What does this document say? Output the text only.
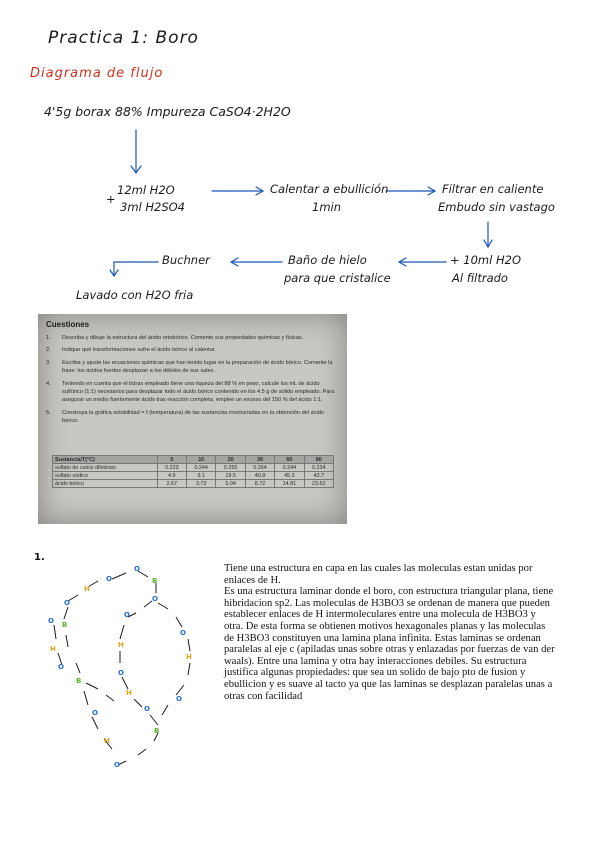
Practica 1: Boro
Diagrama de flujo
4'5g borax 88% Impureza CaSO4·2H2O
12ml H2O
+
3ml H2SO4
Calentar a ebullición
1min
Filtrar en caliente
Embudo sin vastago
+ 10ml H2O
Al filtrado
Baño de hielo
para que cristalice
Buchner
Lavado con H2O fria
Cuestiones
1.	Describa y dibuje la estructura del ácido ortobórico. Comente sus propiedades químicas y físicas.
2.	Indique qué transformaciones sufre el ácido bórico al calentar.
3.	Escriba y ajuste las ecuaciones químicas que han tenido lugar en la preparación de ácido bórico. Comente la frase: los ácidos fuertes desplazan a los débiles de sus sales.
4.	Teniendo en cuenta que el bórax empleado tiene una riqueza del 88 % en peso, calcule los mL de ácido sulfúrico (1:1) necesarios para desplazar todo el ácido bórico contenido en los 4.5 g de sólido empleado. Para asegurar un medio fuertemente ácido tras reacción completa, emplee un exceso del 150 % del ácido 1:1.
5.	Construya la gráfica solubilidad = f (temperatura) de las sustancias involucradas en la obtención del ácido bórico.
Sustancia/T(°C)	0	10	20	30	60	80
sulfato de calcio dihidrato	0.223	0.244	0.255	0.264	0.244	0.234
sulfato sódico	4.9	9.1	19.5	40.8	45.3	43.7
ácido bórico	2.67	3.73	5.04	8.72	14.81	23.62
1.
O
H
O
O
B
O
B
O
H
O
O
H
O
O
H
B
H
O
O
B
O
H
O

Tiene una estructura en capa en las cuales las moleculas estan unidas por enlaces de H.

Es una estructura laminar donde el boro, con estructura triangular plana, tiene hibridacion sp2. Las moleculas de H3BO3 se ordenan de manera que pueden establecer enlaces de H intermoleculares entre una molecula de H3BO3 y otra. De esta forma se obtienen motivos hexagonales planas y las moleculas de H3BO3 constituyen una lamina plana infinita. Estas laminas se ordenan paralelas al eje c (apiladas unas sobre otras y enlazadas por fuerzas de van der waals). Entre una lamina y otra hay interacciones debiles. Su estructura justifica algunas propiedades: que sea un solido de bajo pto de fusion y ebullicion y es suave al tacto ya que las laminas se desplazan paralelas unas a otras con facilidad
